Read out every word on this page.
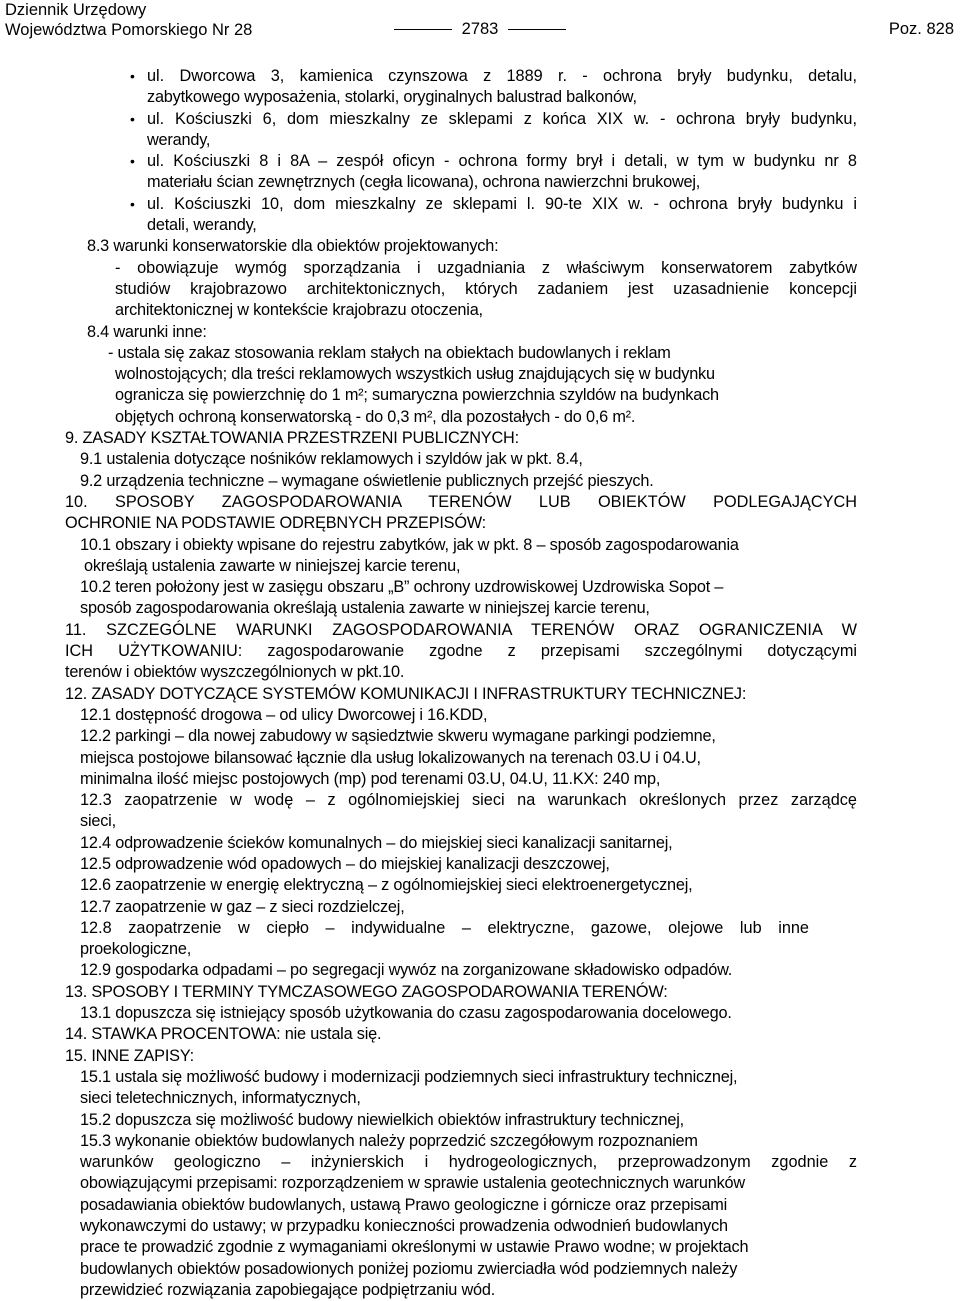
Dziennik Urzędowy
Województwa Pomorskiego Nr 28	2783	Poz. 828
• ul. Dworcowa 3, kamienica czynszowa z 1889 r. - ochrona bryły budynku, detalu,
zabytkowego wyposażenia, stolarki, oryginalnych balustrad balkonów,
• ul. Kościuszki 6, dom mieszkalny ze sklepami z końca XIX w. - ochrona bryły budynku,
werandy,
• ul. Kościuszki 8 i 8A – zespół oficyn - ochrona formy brył i detali, w tym w budynku nr 8
materiału ścian zewnętrznych (cegła licowana), ochrona nawierzchni brukowej,
• ul. Kościuszki 10, dom mieszkalny ze sklepami l. 90-te XIX w. - ochrona bryły budynku i
detali, werandy,
8.3 warunki konserwatorskie dla obiektów projektowanych:
- obowiązuje wymóg sporządzania i uzgadniania z właściwym konserwatorem zabytków
studiów krajobrazowo architektonicznych, których zadaniem jest uzasadnienie koncepcji
architektonicznej w kontekście krajobrazu otoczenia,
8.4 warunki inne:
- ustala się zakaz stosowania reklam stałych na obiektach budowlanych i reklam
wolnostojących; dla treści reklamowych wszystkich usług znajdujących się w budynku
ogranicza się powierzchnię do 1 m²; sumaryczna powierzchnia szyldów na budynkach
objętych ochroną konserwatorską - do 0,3 m², dla pozostałych - do 0,6 m².
9. ZASADY KSZTAŁTOWANIA PRZESTRZENI PUBLICZNYCH:
9.1 ustalenia dotyczące nośników reklamowych i szyldów jak w pkt. 8.4,
9.2 urządzenia techniczne – wymagane oświetlenie publicznych przejść pieszych.
10. SPOSOBY ZAGOSPODAROWANIA TERENÓW LUB OBIEKTÓW PODLEGAJĄCYCH
OCHRONIE NA PODSTAWIE ODRĘBNYCH PRZEPISÓW:
10.1 obszary i obiekty wpisane do rejestru zabytków, jak w pkt. 8 – sposób zagospodarowania
określają ustalenia zawarte w niniejszej karcie terenu,
10.2 teren położony jest w zasięgu obszaru „B” ochrony uzdrowiskowej Uzdrowiska Sopot –
sposób zagospodarowania określają ustalenia zawarte w niniejszej karcie terenu,
11. SZCZEGÓLNE WARUNKI ZAGOSPODAROWANIA TERENÓW ORAZ OGRANICZENIA W
ICH UŻYTKOWANIU: zagospodarowanie zgodne z przepisami szczególnymi dotyczącymi
terenów i obiektów wyszczególnionych w pkt.10.
12. ZASADY DOTYCZĄCE SYSTEMÓW KOMUNIKACJI I INFRASTRUKTURY TECHNICZNEJ:
12.1 dostępność drogowa – od ulicy Dworcowej i 16.KDD,
12.2 parkingi – dla nowej zabudowy w sąsiedztwie skweru wymagane parkingi podziemne,
miejsca postojowe bilansować łącznie dla usług lokalizowanych na terenach 03.U i 04.U,
minimalna ilość miejsc postojowych (mp) pod terenami 03.U, 04.U, 11.KX: 240 mp,
12.3 zaopatrzenie w wodę – z ogólnomiejskiej sieci na warunkach określonych przez zarządcę
sieci,
12.4 odprowadzenie ścieków komunalnych – do miejskiej sieci kanalizacji sanitarnej,
12.5 odprowadzenie wód opadowych – do miejskiej kanalizacji deszczowej,
12.6 zaopatrzenie w energię elektryczną – z ogólnomiejskiej sieci elektroenergetycznej,
12.7 zaopatrzenie w gaz – z sieci rozdzielczej,
12.8 zaopatrzenie w ciepło – indywidualne – elektryczne, gazowe, olejowe lub inne
proekologiczne,
12.9 gospodarka odpadami – po segregacji wywóz na zorganizowane składowisko odpadów.
13. SPOSOBY I TERMINY TYMCZASOWEGO ZAGOSPODAROWANIA TERENÓW:
13.1 dopuszcza się istniejący sposób użytkowania do czasu zagospodarowania docelowego.
14. STAWKA PROCENTOWA: nie ustala się.
15. INNE ZAPISY:
15.1 ustala się możliwość budowy i modernizacji podziemnych sieci infrastruktury technicznej,
sieci teletechnicznych, informatycznych,
15.2 dopuszcza się możliwość budowy niewielkich obiektów infrastruktury technicznej,
15.3 wykonanie obiektów budowlanych należy poprzedzić szczegółowym rozpoznaniem
warunków geologiczno – inżynierskich i hydrogeologicznych, przeprowadzonym zgodnie z
obowiązującymi przepisami: rozporządzeniem w sprawie ustalenia geotechnicznych warunków
posadawiania obiektów budowlanych, ustawą Prawo geologiczne i górnicze oraz przepisami
wykonawczymi do ustawy; w przypadku konieczności prowadzenia odwodnień budowlanych
prace te prowadzić zgodnie z wymaganiami określonymi w ustawie Prawo wodne; w projektach
budowlanych obiektów posadowionych poniżej poziomu zwierciadła wód podziemnych należy
przewidzieć rozwiązania zapobiegające podpiętrzaniu wód.
